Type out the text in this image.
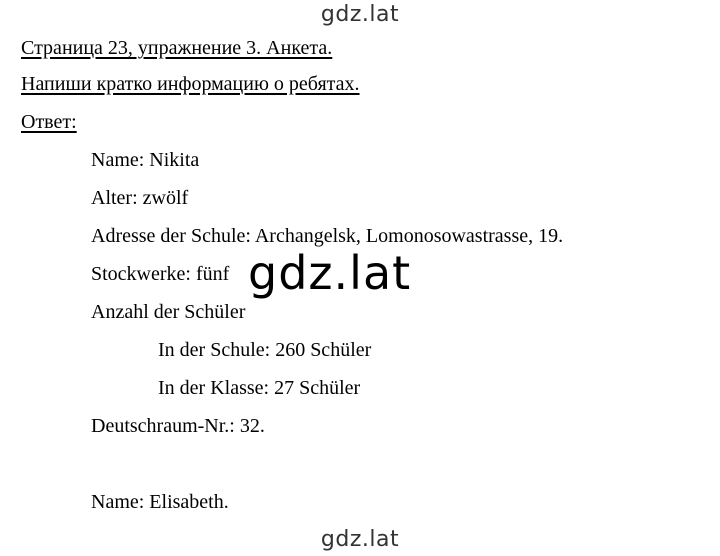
gdz.lat
Страница 23, упражнение 3. Анкета.
Напиши кратко информацию о ребятах.
Ответ:
Name: Nikita
Alter: zwölf
Adresse der Schule: Archangelsk, Lomonosowastrasse, 19.
Stockwerke: fünf
Anzahl der Schüler
In der Schule: 260 Schüler
In der Klasse: 27 Schüler
Deutschraum-Nr.: 32.
Name: Elisabeth.
gdz.lat
gdz.lat
